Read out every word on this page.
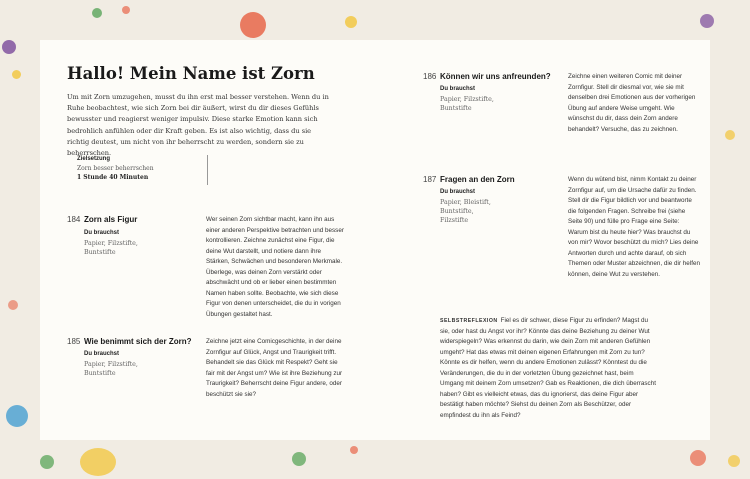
Hallo! Mein Name ist Zorn
Um mit Zorn umzugehen, musst du ihn erst mal besser verstehen. Wenn du in Ruhe beobachtest, wie sich Zorn bei dir äußert, wirst du dir dieses Gefühls bewusster und reagierst weniger impulsiv. Diese starke Emotion kann sich bedrohlich anfühlen oder dir Kraft geben. Es ist also wichtig, dass du sie richtig deutest, um nicht von ihr beherrscht zu werden, sondern sie zu beherrschen.
Zielsetzung
Zorn besser beherrschen
1 Stunde 40 Minuten
184 Zorn als Figur
Du brauchst
Papier, Filzstifte, Buntstifte
Wer seinen Zorn sichtbar macht, kann ihn aus einer anderen Perspektive betrachten und besser kontrollieren. Zeichne zunächst eine Figur, die deine Wut darstellt, und notiere dann ihre Stärken, Schwächen und besonderen Merkmale. Überlege, was deinen Zorn verstärkt oder abschwächt und ob er lieber einen bestimmten Namen haben sollte. Beobachte, wie sich diese Figur von denen unterscheidet, die du in vorigen Übungen gestaltet hast.
185 Wie benimmt sich der Zorn?
Du brauchst
Papier, Filzstifte, Buntstifte
Zeichne jetzt eine Comicgeschichte, in der deine Zornfigur auf Glück, Angst und Traurigkeit trifft. Behandelt sie das Glück mit Respekt? Geht sie fair mit der Angst um? Wie ist ihre Beziehung zur Traurigkeit? Beherrscht deine Figur andere, oder beschützt sie sie?
186 Können wir uns anfreunden?
Du brauchst
Papier, Filzstifte, Buntstifte
Zeichne einen weiteren Comic mit deiner Zornfigur. Stell dir diesmal vor, wie sie mit denselben drei Emotionen aus der vorherigen Übung auf andere Weise umgeht. Wie wünschst du dir, dass dein Zorn andere behandelt? Versuche, das zu zeichnen.
187 Fragen an den Zorn
Du brauchst
Papier, Bleistift, Buntstifte, Filzstifte
Wenn du wütend bist, nimm Kontakt zu deiner Zornfigur auf, um die Ursache dafür zu finden. Stell dir die Figur bildlich vor und beantworte die folgenden Fragen. Schreibe frei (siehe Seite 90) und fülle pro Frage eine Seite: Warum bist du heute hier? Was brauchst du von mir? Wovor beschützt du mich? Lies deine Antworten durch und achte darauf, ob sich Themen oder Muster abzeichnen, die dir helfen können, deine Wut zu verstehen.
SELBSTREFLEXION Fiel es dir schwer, diese Figur zu erfinden? Magst du sie, oder hast du Angst vor ihr? Könnte das deine Beziehung zu deiner Wut widerspiegeln? Was erkennst du darin, wie dein Zorn mit anderen Gefühlen umgeht? Hat das etwas mit deinen eigenen Erfahrungen mit Zorn zu tun? Könnte es dir helfen, wenn du andere Emotionen zulässt? Könntest du die Veränderungen, die du in der vorletzten Übung gezeichnet hast, beim Umgang mit deinem Zorn umsetzen? Gab es Reaktionen, die dich überrascht haben? Gibt es vielleicht etwas, das du ignorierst, das deine Figur aber bestätigt haben möchte? Siehst du deinen Zorn als Beschützer, oder empfindest du ihn als Feind?
